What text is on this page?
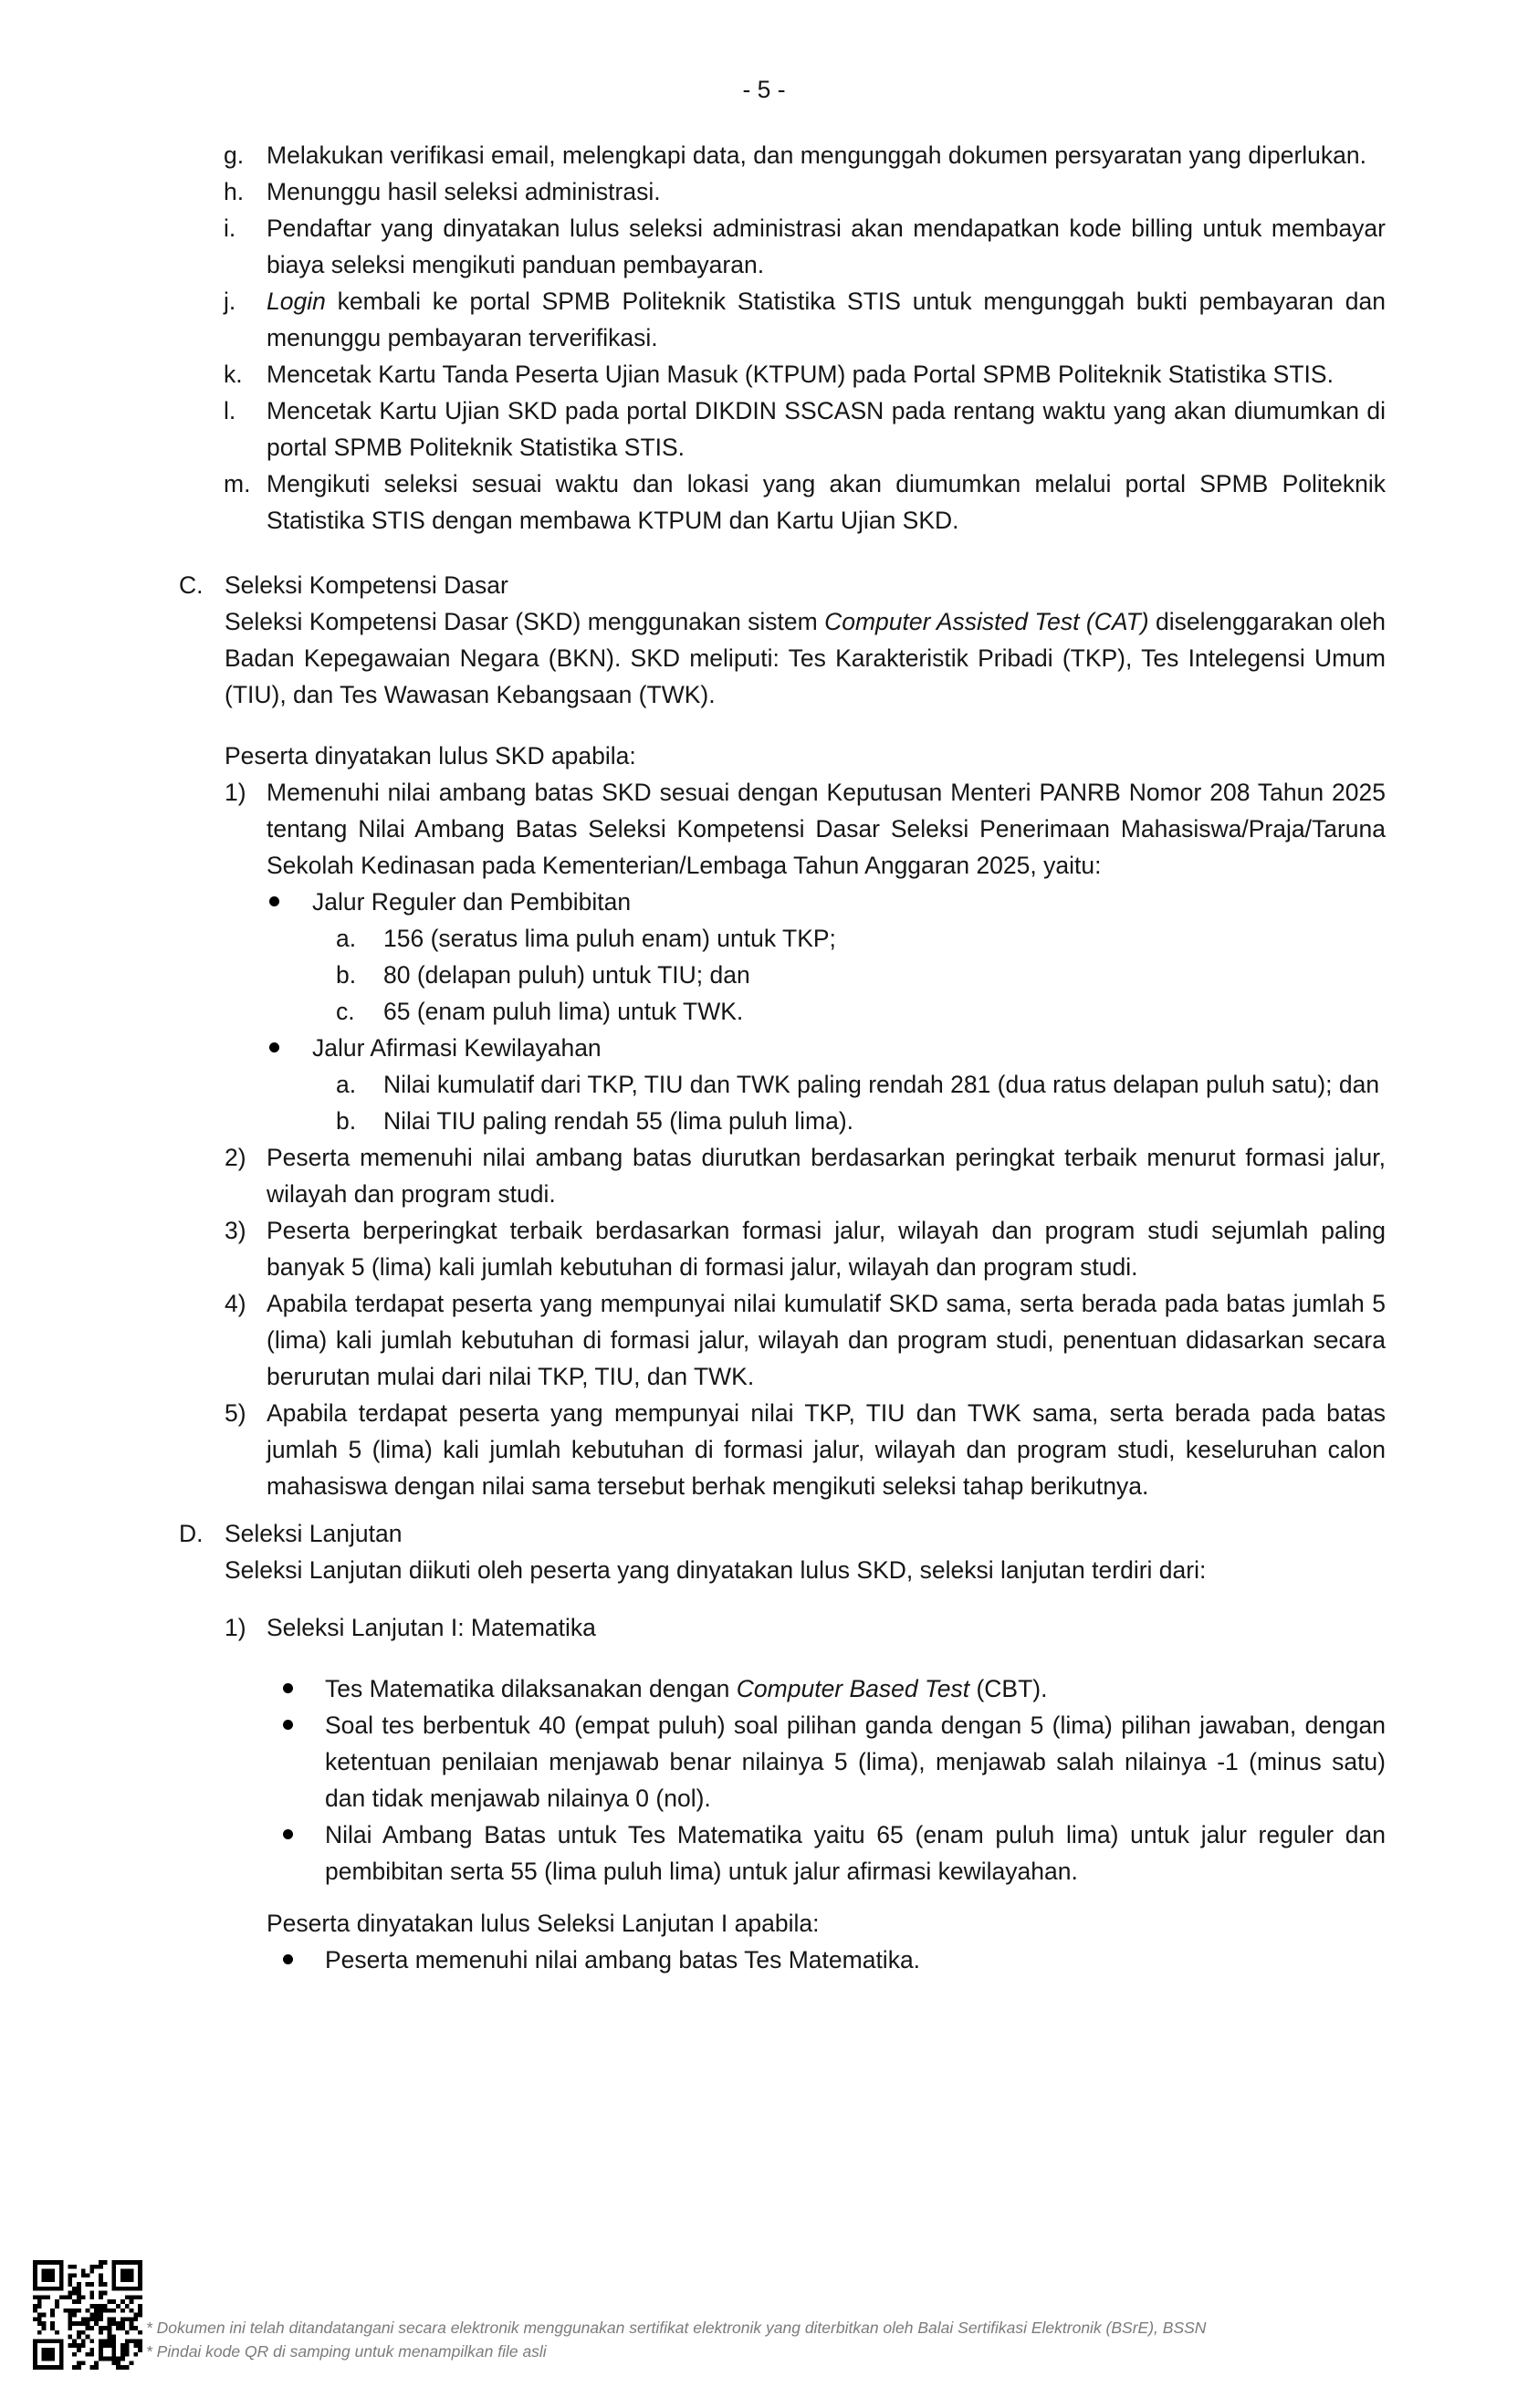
- 5 -
g. Melakukan verifikasi email, melengkapi data, dan mengunggah dokumen persyaratan yang diperlukan.
h. Menunggu hasil seleksi administrasi.
i. Pendaftar yang dinyatakan lulus seleksi administrasi akan mendapatkan kode billing untuk membayar biaya seleksi mengikuti panduan pembayaran.
j. Login kembali ke portal SPMB Politeknik Statistika STIS untuk mengunggah bukti pembayaran dan menunggu pembayaran terverifikasi.
k. Mencetak Kartu Tanda Peserta Ujian Masuk (KTPUM) pada Portal SPMB Politeknik Statistika STIS.
l. Mencetak Kartu Ujian SKD pada portal DIKDIN SSCASN pada rentang waktu yang akan diumumkan di portal SPMB Politeknik Statistika STIS.
m. Mengikuti seleksi sesuai waktu dan lokasi yang akan diumumkan melalui portal SPMB Politeknik Statistika STIS dengan membawa KTPUM dan Kartu Ujian SKD.
C. Seleksi Kompetensi Dasar

Seleksi Kompetensi Dasar (SKD) menggunakan sistem Computer Assisted Test (CAT) diselenggarakan oleh Badan Kepegawaian Negara (BKN). SKD meliputi: Tes Karakteristik Pribadi (TKP), Tes Intelegensi Umum (TIU), dan Tes Wawasan Kebangsaan (TWK).

Peserta dinyatakan lulus SKD apabila:

1) Memenuhi nilai ambang batas SKD sesuai dengan Keputusan Menteri PANRB Nomor 208 Tahun 2025 tentang Nilai Ambang Batas Seleksi Kompetensi Dasar Seleksi Penerimaan Mahasiswa/Praja/Taruna Sekolah Kedinasan pada Kementerian/Lembaga Tahun Anggaran 2025, yaitu:
Jalur Reguler dan Pembibitan
a. 156 (seratus lima puluh enam) untuk TKP;
b. 80 (delapan puluh) untuk TIU; dan
c. 65 (enam puluh lima) untuk TWK.
Jalur Afirmasi Kewilayahan
a. Nilai kumulatif dari TKP, TIU dan TWK paling rendah 281 (dua ratus delapan puluh satu); dan
b. Nilai TIU paling rendah 55 (lima puluh lima).
2) Peserta memenuhi nilai ambang batas diurutkan berdasarkan peringkat terbaik menurut formasi jalur, wilayah dan program studi.
3) Peserta berperingkat terbaik berdasarkan formasi jalur, wilayah dan program studi sejumlah paling banyak 5 (lima) kali jumlah kebutuhan di formasi jalur, wilayah dan program studi.
4) Apabila terdapat peserta yang mempunyai nilai kumulatif SKD sama, serta berada pada batas jumlah 5 (lima) kali jumlah kebutuhan di formasi jalur, wilayah dan program studi, penentuan didasarkan secara berurutan mulai dari nilai TKP, TIU, dan TWK.
5) Apabila terdapat peserta yang mempunyai nilai TKP, TIU dan TWK sama, serta berada pada batas jumlah 5 (lima) kali jumlah kebutuhan di formasi jalur, wilayah dan program studi, keseluruhan calon mahasiswa dengan nilai sama tersebut berhak mengikuti seleksi tahap berikutnya.
D. Seleksi Lanjutan

Seleksi Lanjutan diikuti oleh peserta yang dinyatakan lulus SKD, seleksi lanjutan terdiri dari:

1) Seleksi Lanjutan I: Matematika
Tes Matematika dilaksanakan dengan Computer Based Test (CBT).
Soal tes berbentuk 40 (empat puluh) soal pilihan ganda dengan 5 (lima) pilihan jawaban, dengan ketentuan penilaian menjawab benar nilainya 5 (lima), menjawab salah nilainya -1 (minus satu) dan tidak menjawab nilainya 0 (nol).
Nilai Ambang Batas untuk Tes Matematika yaitu 65 (enam puluh lima) untuk jalur reguler dan pembibitan serta 55 (lima puluh lima) untuk jalur afirmasi kewilayahan.

Peserta dinyatakan lulus Seleksi Lanjutan I apabila:

Peserta memenuhi nilai ambang batas Tes Matematika.
* Dokumen ini telah ditandatangani secara elektronik menggunakan sertifikat elektronik yang diterbitkan oleh Balai Sertifikasi Elektronik (BSrE), BSSN
* Pindai kode QR di samping untuk menampilkan file asli
